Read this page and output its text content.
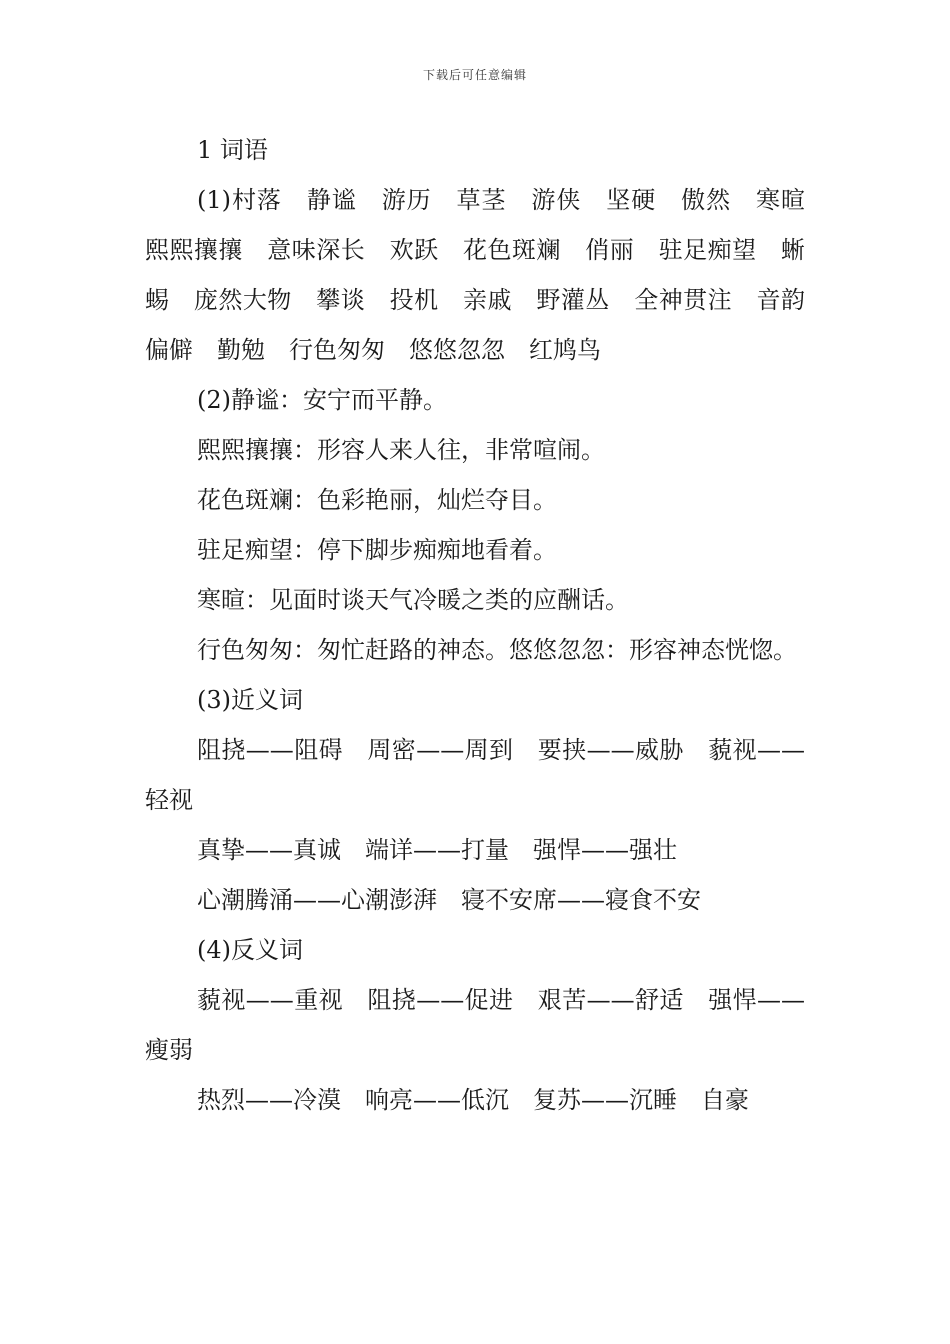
下载后可任意编辑

1 词语

(1)村落　静谧　游历　草茎　游侠　坚硬　傲然　寒暄　熙熙攘攘　意味深长　欢跃　花色斑斓　俏丽　驻足痴望　蜥蜴　庞然大物　攀谈　投机　亲戚　野灌丛　全神贯注　音韵　偏僻　勤勉　行色匆匆　悠悠忽忽　红鸠鸟

(2)静谧：安宁而平静。

熙熙攘攘：形容人来人往，非常喧闹。

花色斑斓：色彩艳丽，灿烂夺目。

驻足痴望：停下脚步痴痴地看着。

寒暄：见面时谈天气冷暖之类的应酬话。

行色匆匆：匆忙赶路的神态。悠悠忽忽：形容神态恍惚。

(3)近义词

阻挠——阻碍　周密——周到　要挟——威胁　藐视——轻视

真挚——真诚　端详——打量　强悍——强壮

心潮腾涌——心潮澎湃　寝不安席——寝食不安

(4)反义词

藐视——重视　阻挠——促进　艰苦——舒适　强悍——瘦弱

热烈——冷漠　响亮——低沉　复苏——沉睡　自豪
